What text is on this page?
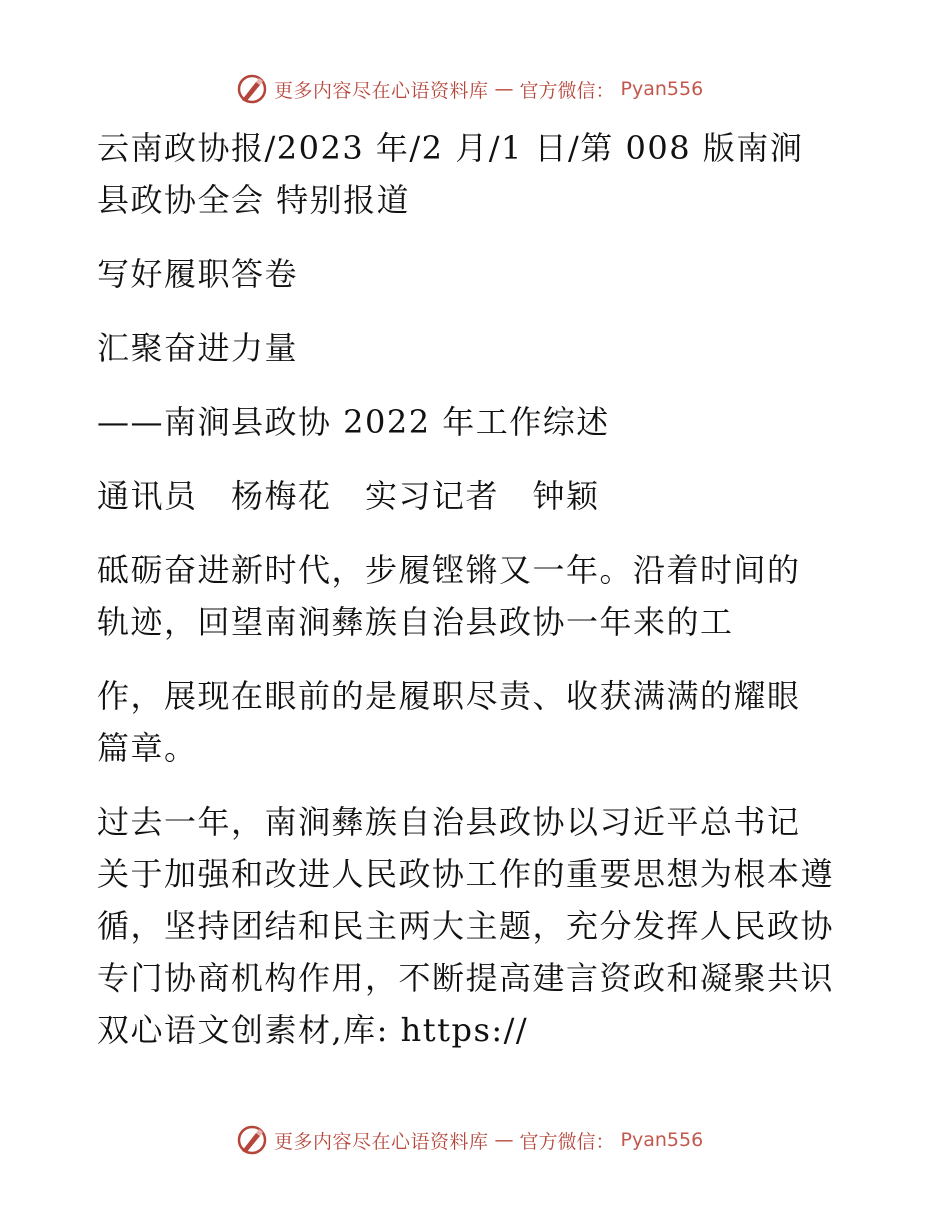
更多内容尽在心语资料库 — 官方微信： Pyan556
云南政协报/2023 年/2 月/1 日/第 008 版南涧
县政协全会 特别报道
写好履职答卷
汇聚奋进力量
——南涧县政协 2022 年工作综述
通讯员　杨梅花　实习记者　钟颖
砥砺奋进新时代，步履铿锵又一年。沿着时间的
轨迹，回望南涧彝族自治县政协一年来的工
作，展现在眼前的是履职尽责、收获满满的耀眼
篇章。
过去一年，南涧彝族自治县政协以习近平总书记
关于加强和改进人民政协工作的重要思想为根本遵
循，坚持团结和民主两大主题，充分发挥人民政协
专门协商机构作用，不断提高建言资政和凝聚共识
双心语文创素材,库: https://
更多内容尽在心语资料库 — 官方微信： Pyan556
